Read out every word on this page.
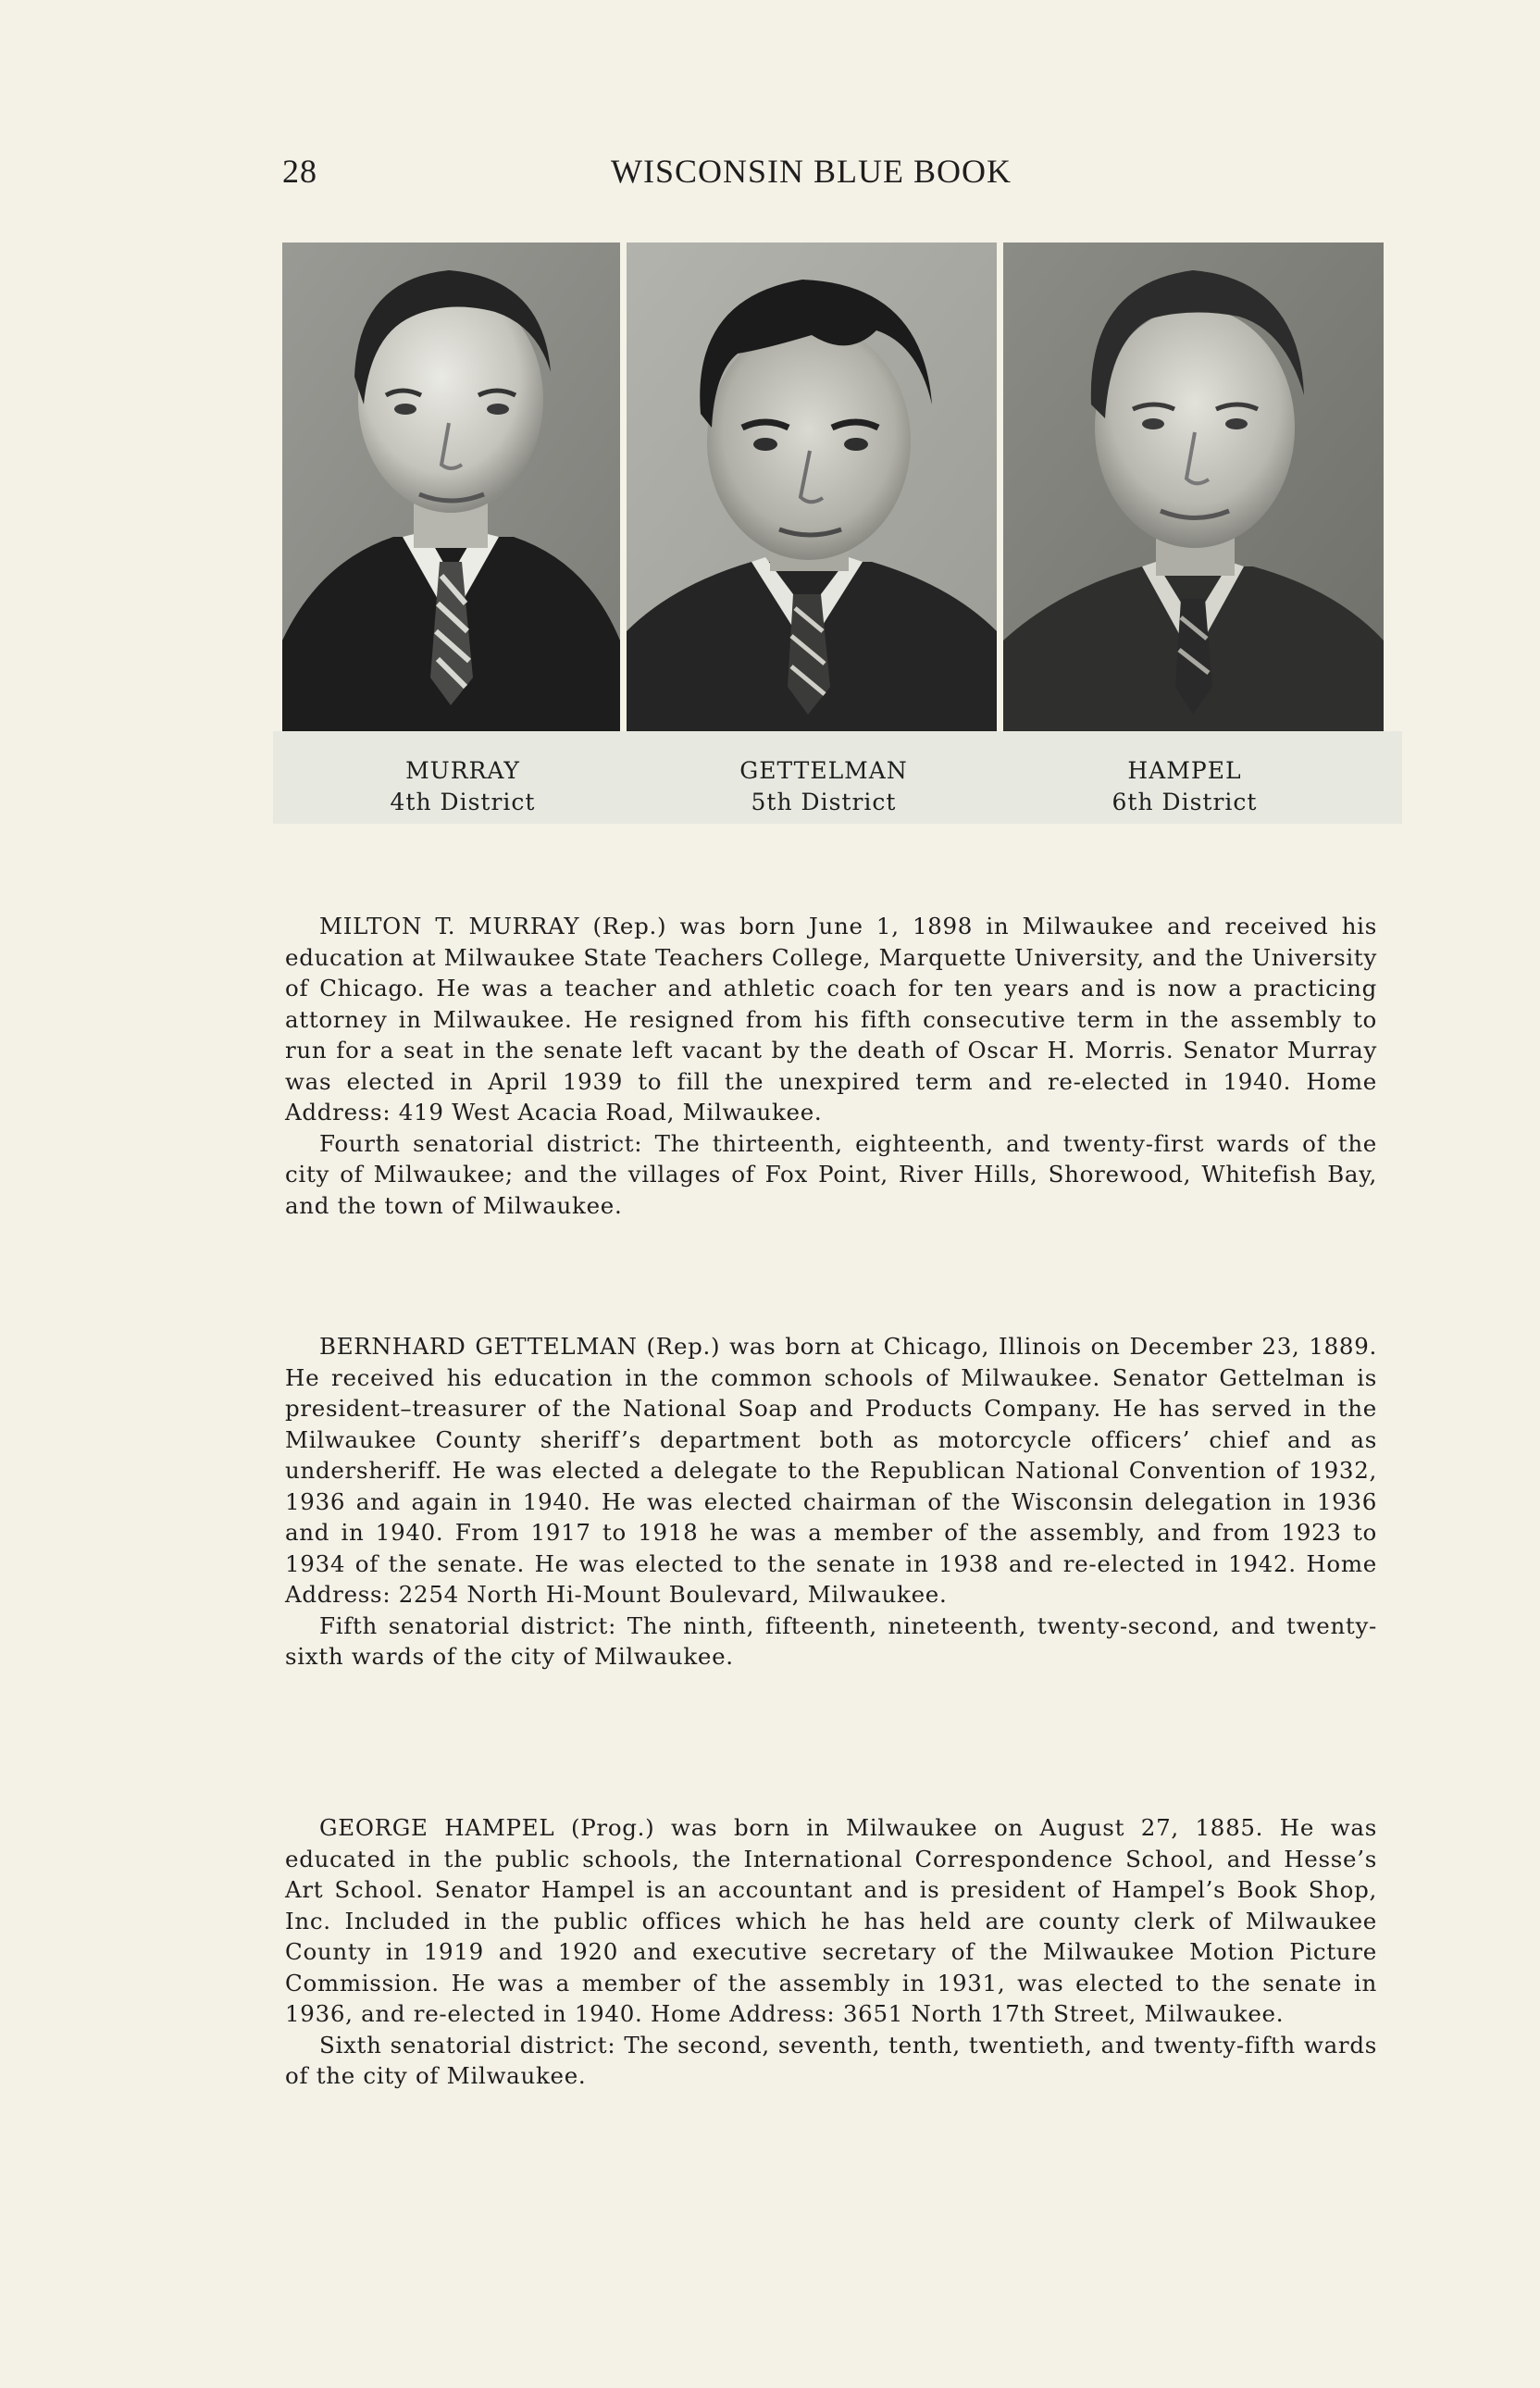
28	WISCONSIN BLUE BOOK
MURRAY
4th District
GETTELMAN
5th District
HAMPEL
6th District

MILTON T. MURRAY (Rep.) was born June 1, 1898 in Milwaukee and received his education at Milwaukee State Teachers College, Marquette University, and the University of Chicago. He was a teacher and athletic coach for ten years and is now a practicing attorney in Milwaukee. He resigned from his fifth consecutive term in the assembly to run for a seat in the senate left vacant by the death of Oscar H. Morris. Senator Murray was elected in April 1939 to fill the unexpired term and re-elected in 1940. Home Address: 419 West Acacia Road, Milwaukee.

Fourth senatorial district: The thirteenth, eighteenth, and twenty-first wards of the city of Milwaukee; and the villages of Fox Point, River Hills, Shorewood, Whitefish Bay, and the town of Milwaukee.

BERNHARD GETTELMAN (Rep.) was born at Chicago, Illinois on December 23, 1889. He received his education in the common schools of Milwaukee. Senator Gettelman is president–treasurer of the National Soap and Products Company. He has served in the Milwaukee County sheriff’s department both as motorcycle officers’ chief and as undersheriff. He was elected a delegate to the Republican National Convention of 1932, 1936 and again in 1940. He was elected chairman of the Wisconsin delegation in 1936 and in 1940. From 1917 to 1918 he was a member of the assembly, and from 1923 to 1934 of the senate. He was elected to the senate in 1938 and re-elected in 1942. Home Address: 2254 North Hi-Mount Boulevard, Milwaukee.

Fifth senatorial district: The ninth, fifteenth, nineteenth, twenty-second, and twenty-sixth wards of the city of Milwaukee.

GEORGE HAMPEL (Prog.) was born in Milwaukee on August 27, 1885. He was educated in the public schools, the International Correspondence School, and Hesse’s Art School. Senator Hampel is an accountant and is president of Hampel’s Book Shop, Inc. Included in the public offices which he has held are county clerk of Milwaukee County in 1919 and 1920 and executive secretary of the Milwaukee Motion Picture Commission. He was a member of the assembly in 1931, was elected to the senate in 1936, and re-elected in 1940. Home Address: 3651 North 17th Street, Milwaukee.

Sixth senatorial district: The second, seventh, tenth, twentieth, and twenty-fifth wards of the city of Milwaukee.
